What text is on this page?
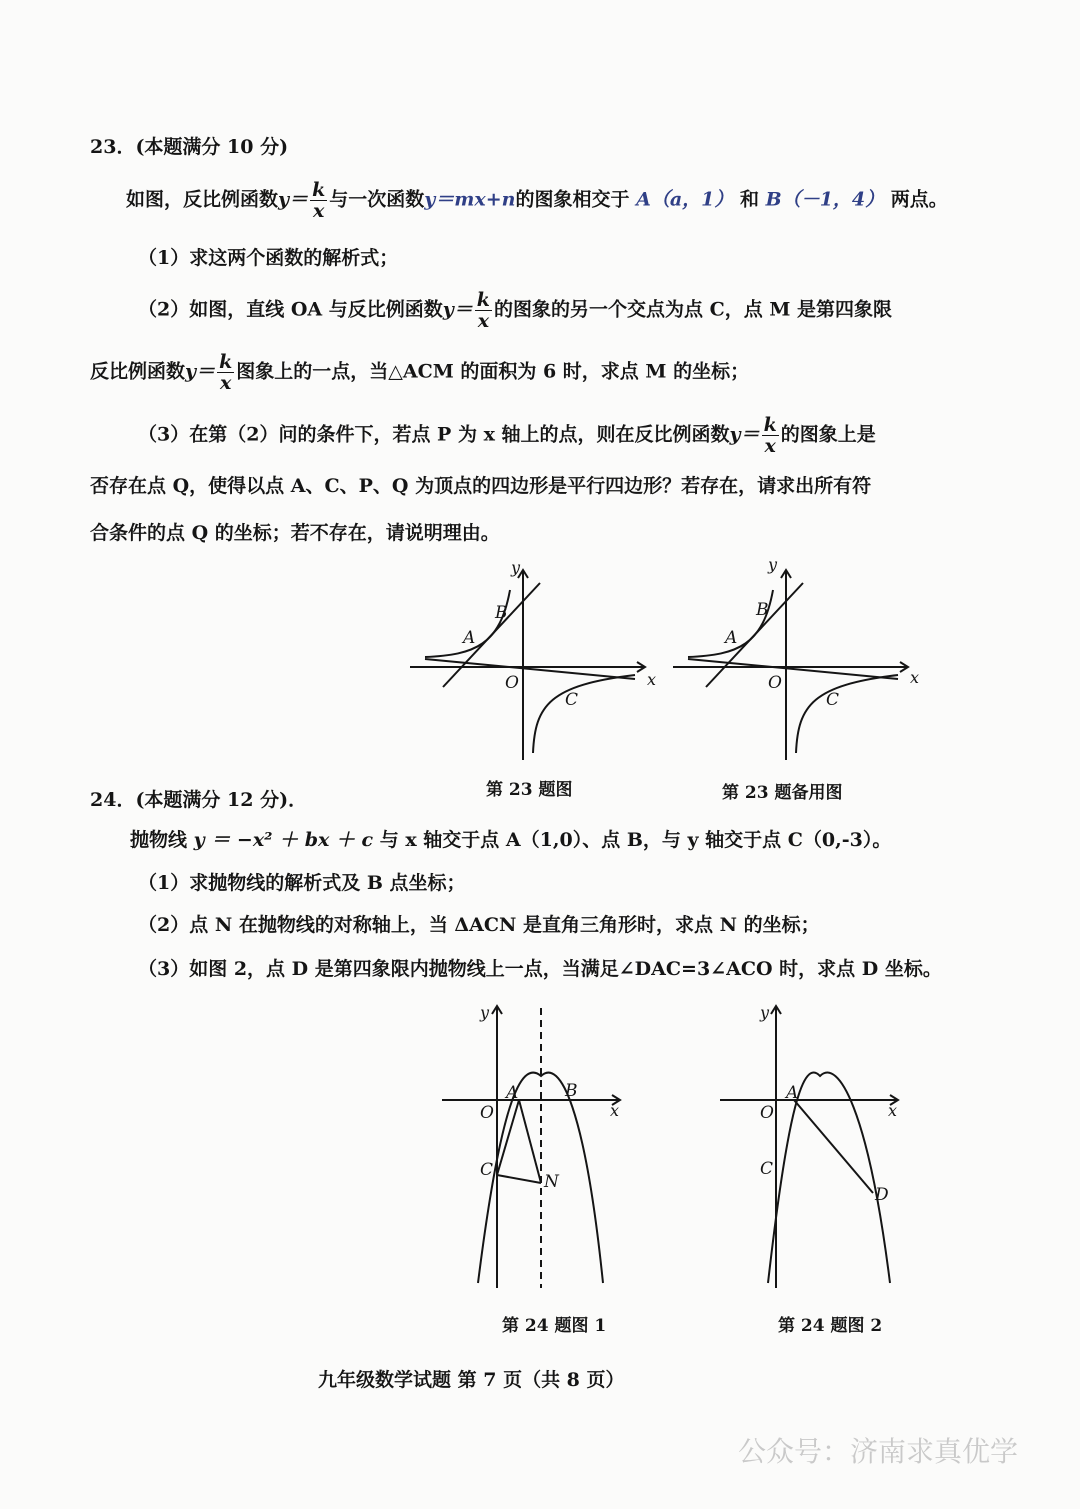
23．(本题满分 10 分)
如图，反比例函数$y= \frac{k}{x}$ 与一次函数y＝mx+n的图象相交于 A（a，1） 和 B（－1，4） 两点。
（1）求这两个函数的解析式；
（2）如图，直线 OA 与反比例函数$y= \frac{k}{x}$ 的图象的另一个交点为点 C，点 M 是第四象限
反比例函数$y= \frac{k}{x}$ 图象上的一点，当△ACM 的面积为 6 时，求点 M 的坐标；
（3）在第（2）问的条件下，若点 P 为 x 轴上的点，则在反比例函数$y= \frac{k}{x}$ 的图象上是
否存在点 Q，使得以点 A、C、P、Q 为顶点的四边形是平行四边形？若存在，请求出所有符
合条件的点 Q 的坐标；若不存在，请说明理由。
y
x
O
A
B
C
第 23 题图
y
x
O
A
B
C
第 23 题备用图
24．(本题满分 12 分)．
抛物线 y ＝ −x² ＋ bx ＋ c 与 x 轴交于点 A（1,0）、点 B，与 y 轴交于点 C（0,-3）。
（1）求抛物线的解析式及 B 点坐标；
（2）点 N 在抛物线的对称轴上，当 ΔACN 是直角三角形时，求点 N 的坐标；
（3）如图 2，点 D 是第四象限内抛物线上一点，当满足∠DAC=3∠ACO 时，求点 D 坐标。
y
x
O
A	B
C
N
第 24 题图 1
y
x
O
A
C
D
第 24 题图 2
九年级数学试题 第 7 页（共 8 页）
公众号：济南求真优学
